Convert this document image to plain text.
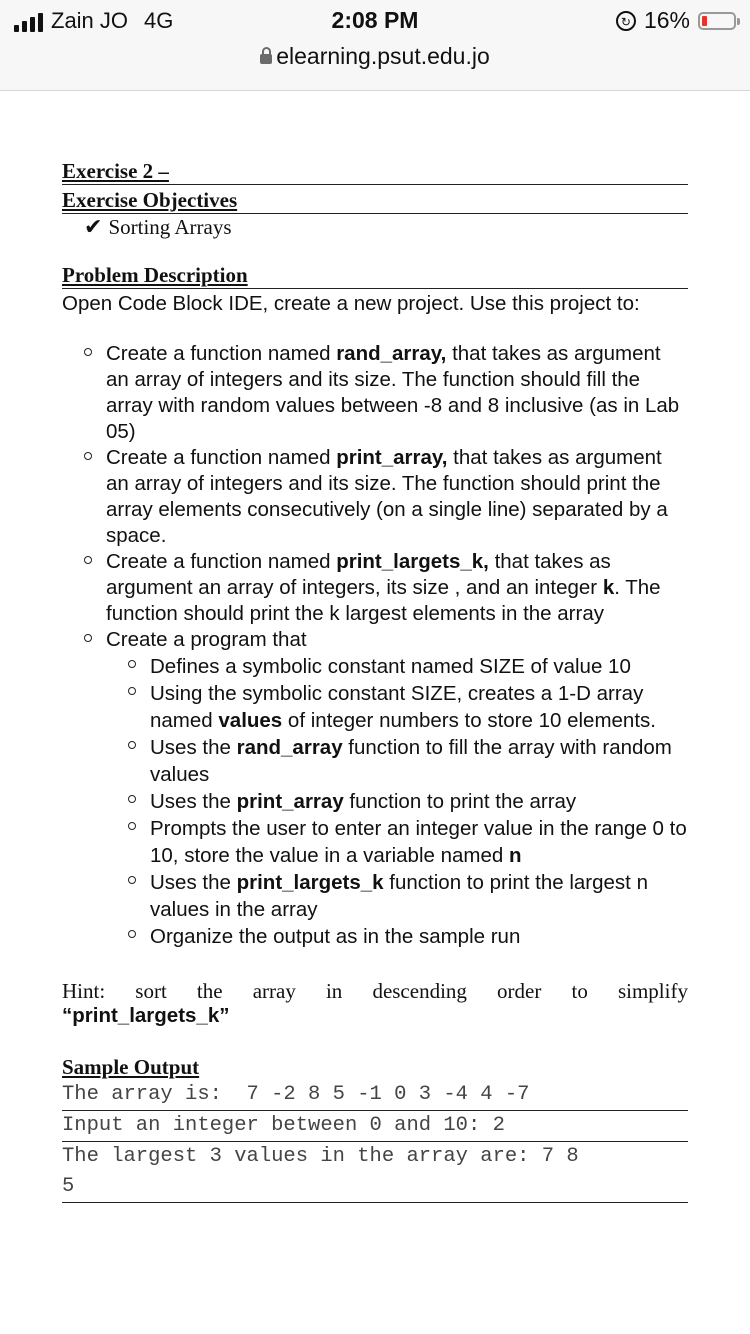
Zain JO 4G	2:08 PM	↻ 16%
elearning.psut.edu.jo
Exercise 2 –
Exercise Objectives
✔ Sorting Arrays
Problem Description
Open Code Block IDE, create a new project. Use this project to:
Create a function named rand_array, that takes as argument an array of integers and its size. The function should fill the array with random values between -8 and 8 inclusive (as in Lab 05)
Create a function named print_array, that takes as argument an array of integers and its size. The function should print the array elements consecutively (on a single line) separated by a space.
Create a function named print_largets_k, that takes as argument an array of integers, its size , and an integer k. The function should print the k largest elements in the array
Create a program that
Defines a symbolic constant named SIZE of value 10
Using the symbolic constant SIZE, creates a 1-D array named values of integer numbers to store 10 elements.
Uses the rand_array function to fill the array with random values
Uses the print_array function to print the array
Prompts the user to enter an integer value in the range 0 to 10, store the value in a variable named n
Uses the print_largets_k function to print the largest n values in the array
Organize the output as in the sample run
Hint: sort the array in descending order to simplify
“print_largets_k”
Sample Output
The array is:  7 -2 8 5 -1 0 3 -4 4 -7
Input an integer between 0 and 10: 2
The largest 3 values in the array are: 7 8
5
